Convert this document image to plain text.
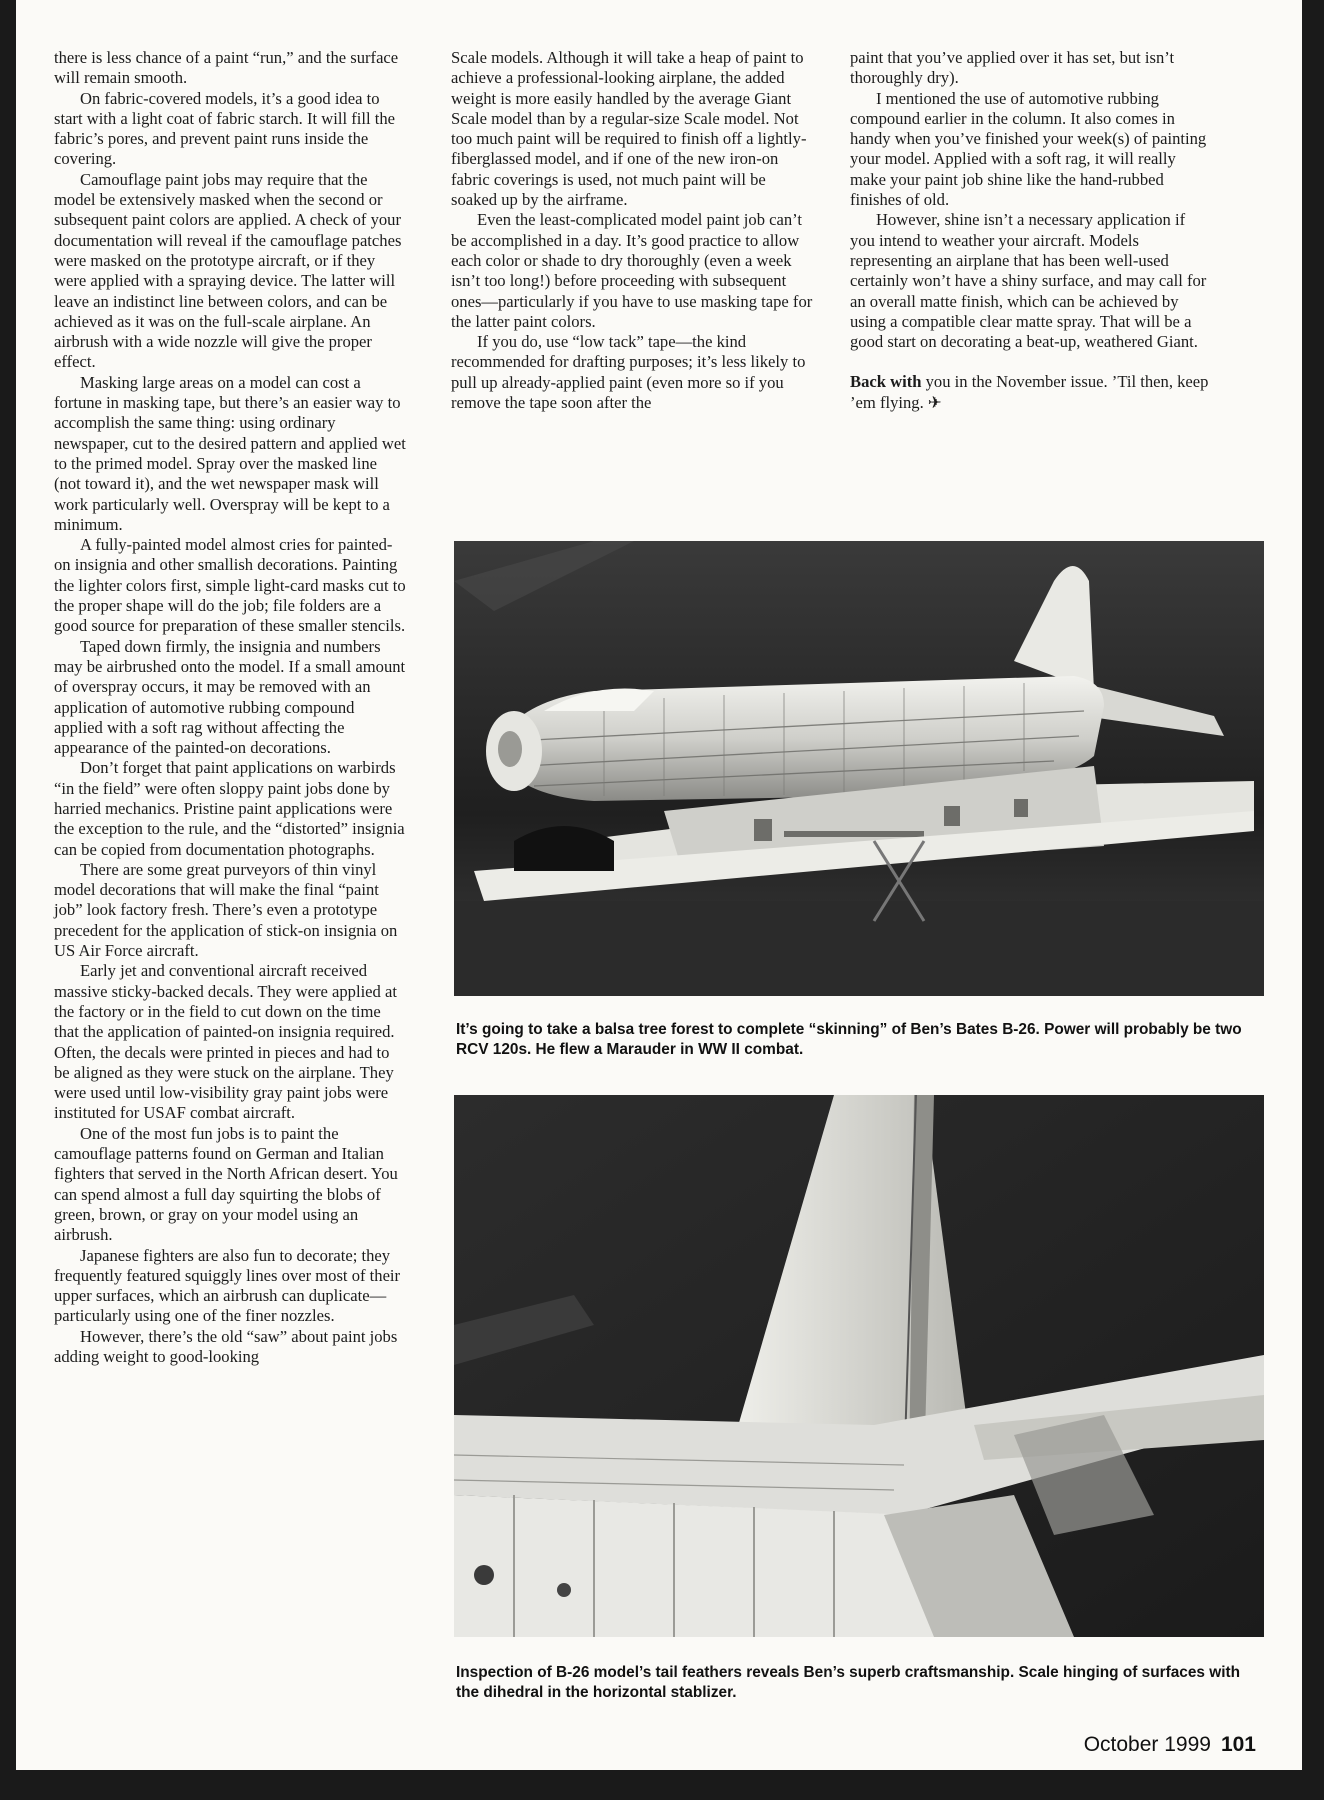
there is less chance of a paint “run,” and the surface will remain smooth.

On fabric-covered models, it’s a good idea to start with a light coat of fabric starch. It will fill the fabric’s pores, and prevent paint runs inside the covering.

Camouflage paint jobs may require that the model be extensively masked when the second or subsequent paint colors are applied. A check of your documentation will reveal if the camouflage patches were masked on the prototype aircraft, or if they were applied with a spraying device. The latter will leave an indistinct line between colors, and can be achieved as it was on the full-scale airplane. An airbrush with a wide nozzle will give the proper effect.

Masking large areas on a model can cost a fortune in masking tape, but there’s an easier way to accomplish the same thing: using ordinary newspaper, cut to the desired pattern and applied wet to the primed model. Spray over the masked line (not toward it), and the wet newspaper mask will work particularly well. Overspray will be kept to a minimum.

A fully-painted model almost cries for painted-on insignia and other smallish decorations. Painting the lighter colors first, simple light-card masks cut to the proper shape will do the job; file folders are a good source for preparation of these smaller stencils.

Taped down firmly, the insignia and numbers may be airbrushed onto the model. If a small amount of overspray occurs, it may be removed with an application of automotive rubbing compound applied with a soft rag without affecting the appearance of the painted-on decorations.

Don’t forget that paint applications on warbirds “in the field” were often sloppy paint jobs done by harried mechanics. Pristine paint applications were the exception to the rule, and the “distorted” insignia can be copied from documentation photographs.

There are some great purveyors of thin vinyl model decorations that will make the final “paint job” look factory fresh. There’s even a prototype precedent for the application of stick-on insignia on US Air Force aircraft.

Early jet and conventional aircraft received massive sticky-backed decals. They were applied at the factory or in the field to cut down on the time that the application of painted-on insignia required. Often, the decals were printed in pieces and had to be aligned as they were stuck on the airplane. They were used until low-visibility gray paint jobs were instituted for USAF combat aircraft.

One of the most fun jobs is to paint the camouflage patterns found on German and Italian fighters that served in the North African desert. You can spend almost a full day squirting the blobs of green, brown, or gray on your model using an airbrush.

Japanese fighters are also fun to decorate; they frequently featured squiggly lines over most of their upper surfaces, which an airbrush can duplicate—particularly using one of the finer nozzles.

However, there’s the old “saw” about paint jobs adding weight to good-looking

Scale models. Although it will take a heap of paint to achieve a professional-looking airplane, the added weight is more easily handled by the average Giant Scale model than by a regular-size Scale model. Not too much paint will be required to finish off a lightly-fiberglassed model, and if one of the new iron-on fabric coverings is used, not much paint will be soaked up by the airframe.

Even the least-complicated model paint job can’t be accomplished in a day. It’s good practice to allow each color or shade to dry thoroughly (even a week isn’t too long!) before proceeding with subsequent ones—particularly if you have to use masking tape for the latter paint colors.

If you do, use “low tack” tape—the kind recommended for drafting purposes; it’s less likely to pull up already-applied paint (even more so if you remove the tape soon after the

paint that you’ve applied over it has set, but isn’t thoroughly dry).

I mentioned the use of automotive rubbing compound earlier in the column. It also comes in handy when you’ve finished your week(s) of painting your model. Applied with a soft rag, it will really make your paint job shine like the hand-rubbed finishes of old.

However, shine isn’t a necessary application if you intend to weather your aircraft. Models representing an airplane that has been well-used certainly won’t have a shiny surface, and may call for an overall matte finish, which can be achieved by using a compatible clear matte spray. That will be a good start on decorating a beat-up, weathered Giant.

Back with you in the November issue. ’Til then, keep ’em flying. ✈

It’s going to take a balsa tree forest to complete “skinning” of Ben’s Bates B-26. Power will probably be two RCV 120s. He flew a Marauder in WW II combat.
Inspection of B-26 model’s tail feathers reveals Ben’s superb craftsmanship. Scale hinging of surfaces with the dihedral in the horizontal stablizer.
October 1999 101
